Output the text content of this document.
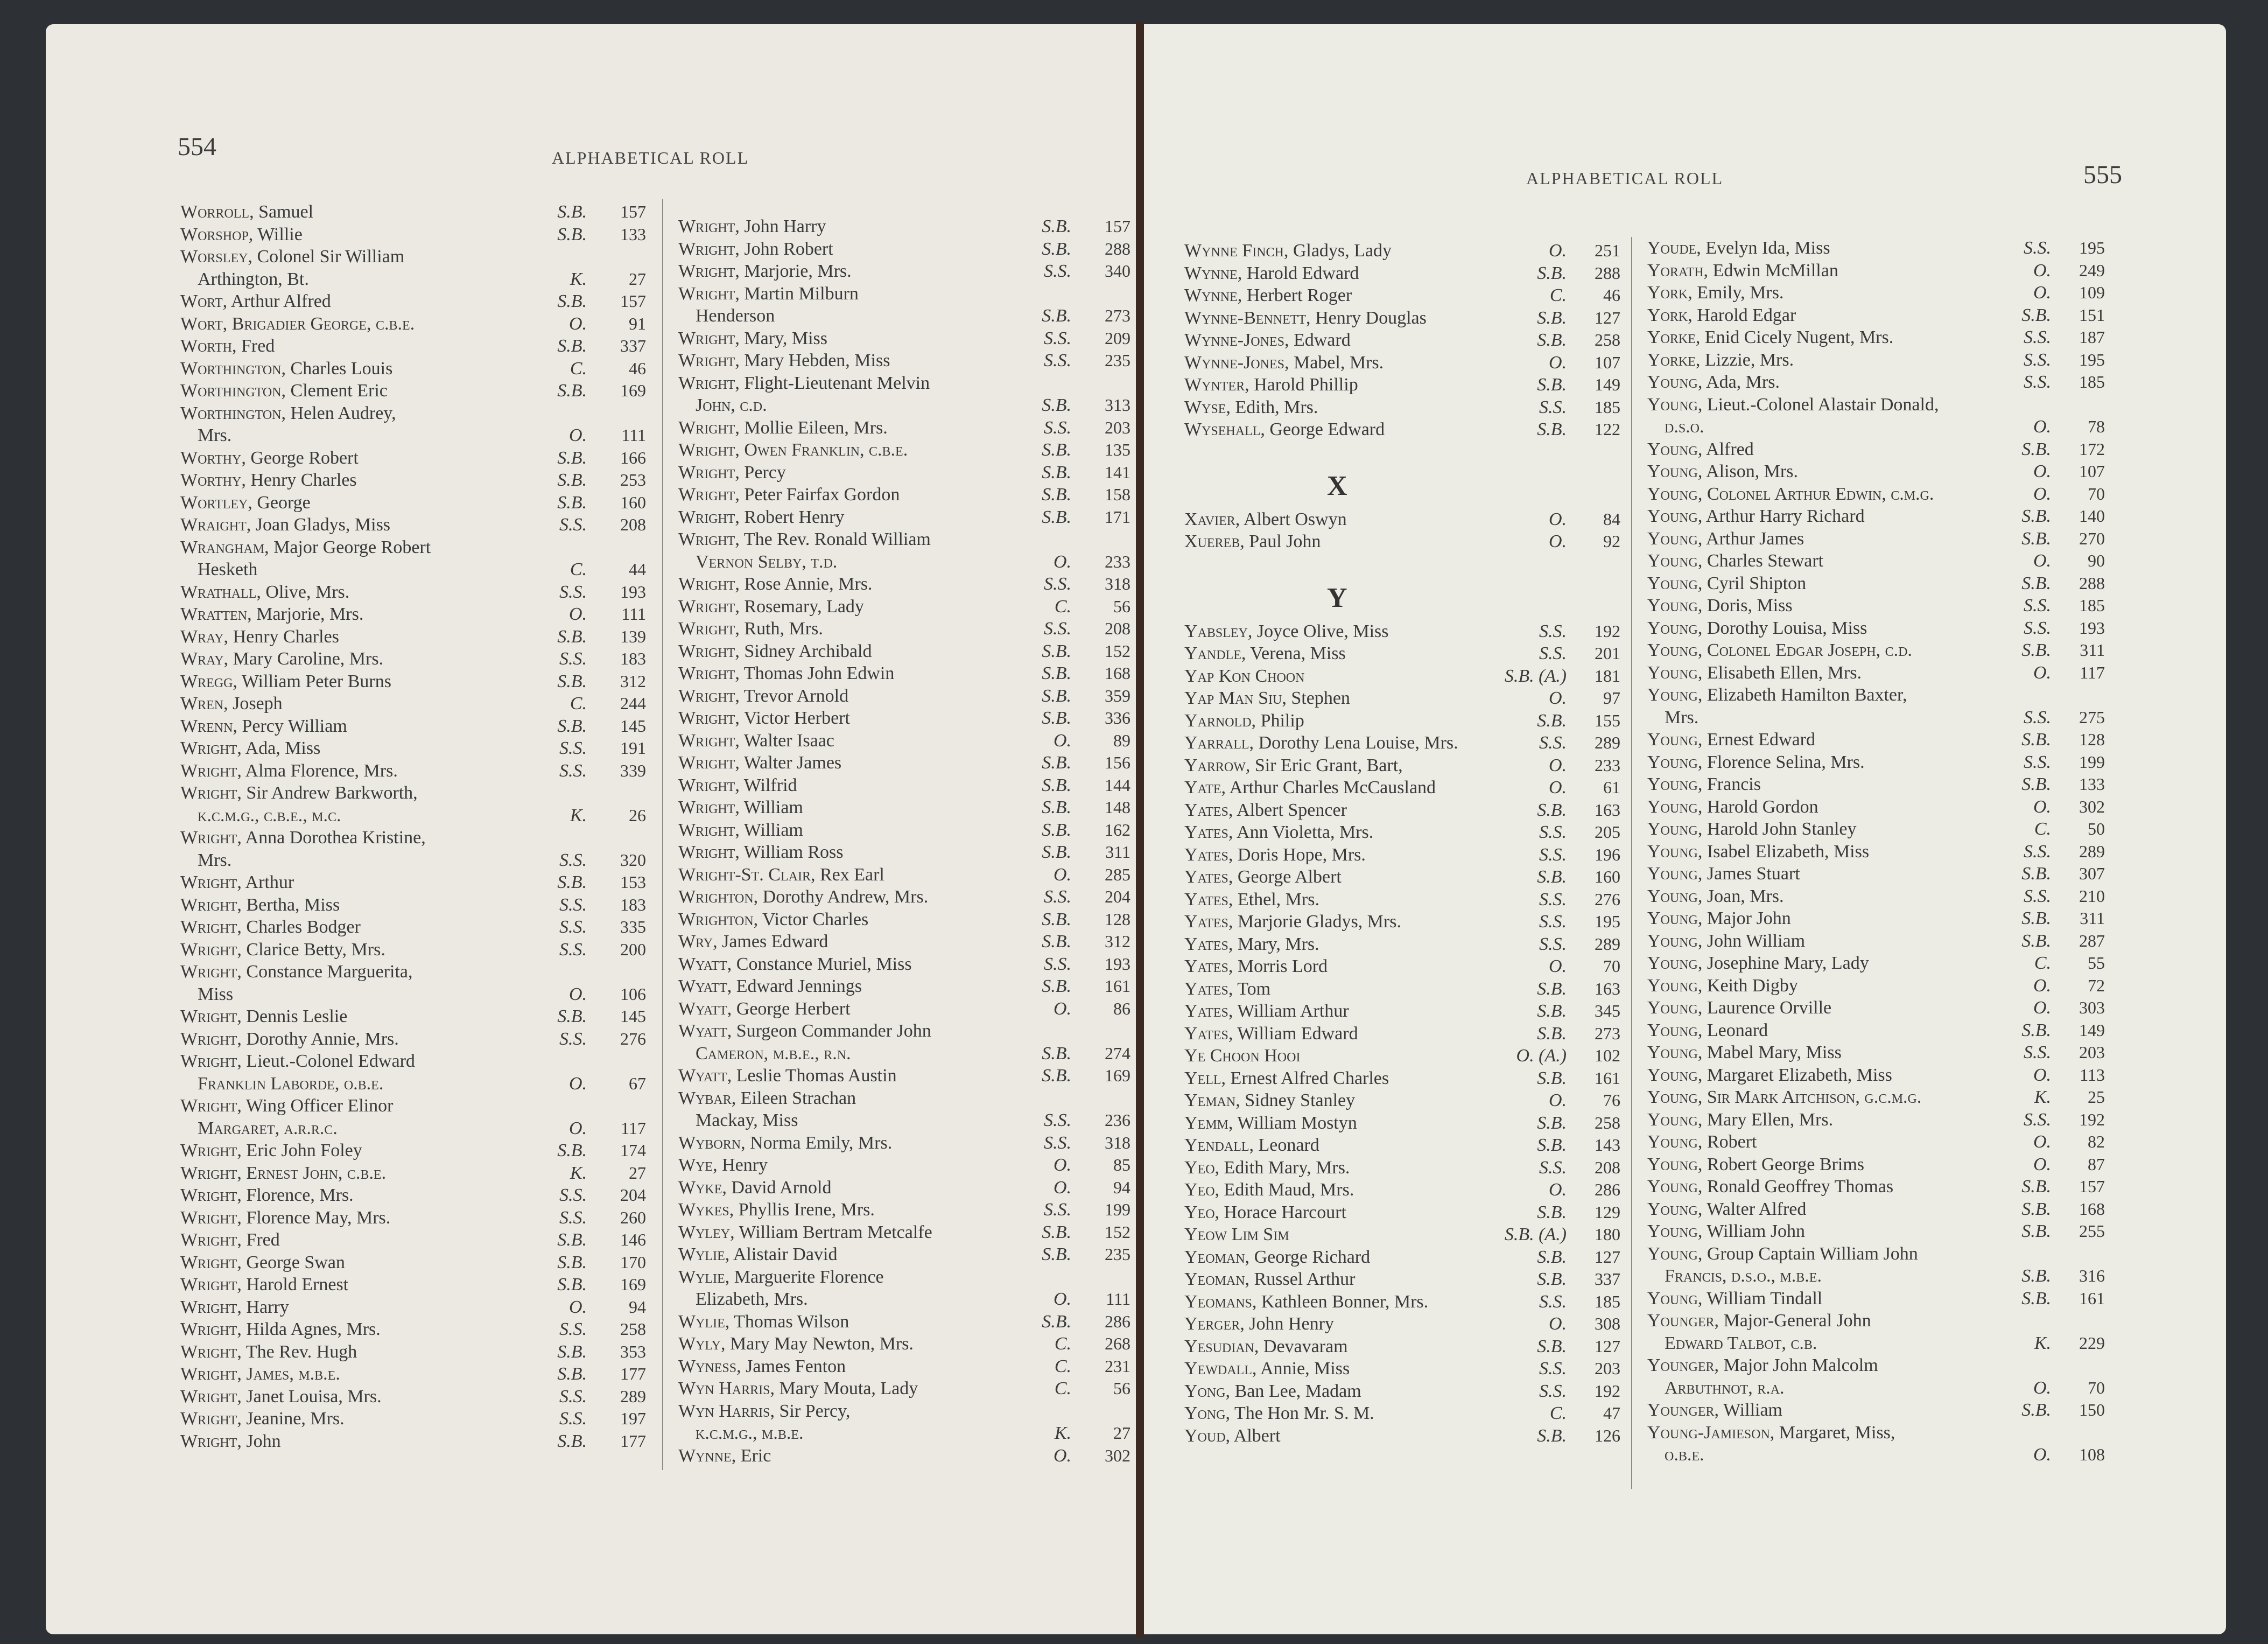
554	ALPHABETICAL ROLL
Worroll, Samuel	S.B.	157
Worshop, Willie	S.B.	133
Worsley, Colonel Sir William
Arthington, Bt.	K.	27
Wort, Arthur Alfred	S.B.	157
Wort, Brigadier George, c.b.e.	O.	91
Worth, Fred	S.B.	337
Worthington, Charles Louis	C.	46
Worthington, Clement Eric	S.B.	169
Worthington, Helen Audrey,
Mrs.	O.	111
Worthy, George Robert	S.B.	166
Worthy, Henry Charles	S.B.	253
Wortley, George	S.B.	160
Wraight, Joan Gladys, Miss	S.S.	208
Wrangham, Major George Robert
Hesketh	C.	44
Wrathall, Olive, Mrs.	S.S.	193
Wratten, Marjorie, Mrs.	O.	111
Wray, Henry Charles	S.B.	139
Wray, Mary Caroline, Mrs.	S.S.	183
Wregg, William Peter Burns	S.B.	312
Wren, Joseph	C.	244
Wrenn, Percy William	S.B.	145
Wright, Ada, Miss	S.S.	191
Wright, Alma Florence, Mrs.	S.S.	339
Wright, Sir Andrew Barkworth,
k.c.m.g., c.b.e., m.c.	K.	26
Wright, Anna Dorothea Kristine,
Mrs.	S.S.	320
Wright, Arthur	S.B.	153
Wright, Bertha, Miss	S.S.	183
Wright, Charles Bodger	S.S.	335
Wright, Clarice Betty, Mrs.	S.S.	200
Wright, Constance Marguerita,
Miss	O.	106
Wright, Dennis Leslie	S.B.	145
Wright, Dorothy Annie, Mrs.	S.S.	276
Wright, Lieut.-Colonel Edward
Franklin Laborde, o.b.e.	O.	67
Wright, Wing Officer Elinor
Margaret, a.r.r.c.	O.	117
Wright, Eric John Foley	S.B.	174
Wright, Ernest John, c.b.e.	K.	27
Wright, Florence, Mrs.	S.S.	204
Wright, Florence May, Mrs.	S.S.	260
Wright, Fred	S.B.	146
Wright, George Swan	S.B.	170
Wright, Harold Ernest	S.B.	169
Wright, Harry	O.	94
Wright, Hilda Agnes, Mrs.	S.S.	258
Wright, The Rev. Hugh	S.B.	353
Wright, James, m.b.e.	S.B.	177
Wright, Janet Louisa, Mrs.	S.S.	289
Wright, Jeanine, Mrs.	S.S.	197
Wright, John	S.B.	177
Wright, John Harry	S.B.	157
Wright, John Robert	S.B.	288
Wright, Marjorie, Mrs.	S.S.	340
Wright, Martin Milburn
Henderson	S.B.	273
Wright, Mary, Miss	S.S.	209
Wright, Mary Hebden, Miss	S.S.	235
Wright, Flight-Lieutenant Melvin
John, c.d.	S.B.	313
Wright, Mollie Eileen, Mrs.	S.S.	203
Wright, Owen Franklin, c.b.e.	S.B.	135
Wright, Percy	S.B.	141
Wright, Peter Fairfax Gordon	S.B.	158
Wright, Robert Henry	S.B.	171
Wright, The Rev. Ronald William
Vernon Selby, t.d.	O.	233
Wright, Rose Annie, Mrs.	S.S.	318
Wright, Rosemary, Lady	C.	56
Wright, Ruth, Mrs.	S.S.	208
Wright, Sidney Archibald	S.B.	152
Wright, Thomas John Edwin	S.B.	168
Wright, Trevor Arnold	S.B.	359
Wright, Victor Herbert	S.B.	336
Wright, Walter Isaac	O.	89
Wright, Walter James	S.B.	156
Wright, Wilfrid	S.B.	144
Wright, William	S.B.	148
Wright, William	S.B.	162
Wright, William Ross	S.B.	311
Wright-St. Clair, Rex Earl	O.	285
Wrighton, Dorothy Andrew, Mrs.	S.S.	204
Wrighton, Victor Charles	S.B.	128
Wry, James Edward	S.B.	312
Wyatt, Constance Muriel, Miss	S.S.	193
Wyatt, Edward Jennings	S.B.	161
Wyatt, George Herbert	O.	86
Wyatt, Surgeon Commander John
Cameron, m.b.e., r.n.	S.B.	274
Wyatt, Leslie Thomas Austin	S.B.	169
Wybar, Eileen Strachan
Mackay, Miss	S.S.	236
Wyborn, Norma Emily, Mrs.	S.S.	318
Wye, Henry	O.	85
Wyke, David Arnold	O.	94
Wykes, Phyllis Irene, Mrs.	S.S.	199
Wyley, William Bertram Metcalfe	S.B.	152
Wylie, Alistair David	S.B.	235
Wylie, Marguerite Florence
Elizabeth, Mrs.	O.	111
Wylie, Thomas Wilson	S.B.	286
Wyly, Mary May Newton, Mrs.	C.	268
Wyness, James Fenton	C.	231
Wyn Harris, Mary Mouta, Lady	C.	56
Wyn Harris, Sir Percy,
k.c.m.g., m.b.e.	K.	27
Wynne, Eric	O.	302
ALPHABETICAL ROLL	555
Wynne Finch, Gladys, Lady	O.	251
Wynne, Harold Edward	S.B.	288
Wynne, Herbert Roger	C.	46
Wynne-Bennett, Henry Douglas	S.B.	127
Wynne-Jones, Edward	S.B.	258
Wynne-Jones, Mabel, Mrs.	O.	107
Wynter, Harold Phillip	S.B.	149
Wyse, Edith, Mrs.	S.S.	185
Wysehall, George Edward	S.B.	122
X
Xavier, Albert Oswyn	O.	84
Xuereb, Paul John	O.	92
Y
Yabsley, Joyce Olive, Miss	S.S.	192
Yandle, Verena, Miss	S.S.	201
Yap Kon Choon	S.B. (A.)	181
Yap Man Siu, Stephen	O.	97
Yarnold, Philip	S.B.	155
Yarrall, Dorothy Lena Louise, Mrs.	S.S.	289
Yarrow, Sir Eric Grant, Bart,	O.	233
Yate, Arthur Charles McCausland	O.	61
Yates, Albert Spencer	S.B.	163
Yates, Ann Violetta, Mrs.	S.S.	205
Yates, Doris Hope, Mrs.	S.S.	196
Yates, George Albert	S.B.	160
Yates, Ethel, Mrs.	S.S.	276
Yates, Marjorie Gladys, Mrs.	S.S.	195
Yates, Mary, Mrs.	S.S.	289
Yates, Morris Lord	O.	70
Yates, Tom	S.B.	163
Yates, William Arthur	S.B.	345
Yates, William Edward	S.B.	273
Ye Choon Hooi	O. (A.)	102
Yell, Ernest Alfred Charles	S.B.	161
Yeman, Sidney Stanley	O.	76
Yemm, William Mostyn	S.B.	258
Yendall, Leonard	S.B.	143
Yeo, Edith Mary, Mrs.	S.S.	208
Yeo, Edith Maud, Mrs.	O.	286
Yeo, Horace Harcourt	S.B.	129
Yeow Lim Sim	S.B. (A.)	180
Yeoman, George Richard	S.B.	127
Yeoman, Russel Arthur	S.B.	337
Yeomans, Kathleen Bonner, Mrs.	S.S.	185
Yerger, John Henry	O.	308
Yesudian, Devavaram	S.B.	127
Yewdall, Annie, Miss	S.S.	203
Yong, Ban Lee, Madam	S.S.	192
Yong, The Hon Mr. S. M.	C.	47
Youd, Albert	S.B.	126
Youde, Evelyn Ida, Miss	S.S.	195
Yorath, Edwin McMillan	O.	249
York, Emily, Mrs.	O.	109
York, Harold Edgar	S.B.	151
Yorke, Enid Cicely Nugent, Mrs.	S.S.	187
Yorke, Lizzie, Mrs.	S.S.	195
Young, Ada, Mrs.	S.S.	185
Young, Lieut.-Colonel Alastair Donald,
d.s.o.	O.	78
Young, Alfred	S.B.	172
Young, Alison, Mrs.	O.	107
Young, Colonel Arthur Edwin, c.m.g.	O.	70
Young, Arthur Harry Richard	S.B.	140
Young, Arthur James	S.B.	270
Young, Charles Stewart	O.	90
Young, Cyril Shipton	S.B.	288
Young, Doris, Miss	S.S.	185
Young, Dorothy Louisa, Miss	S.S.	193
Young, Colonel Edgar Joseph, c.d.	S.B.	311
Young, Elisabeth Ellen, Mrs.	O.	117
Young, Elizabeth Hamilton Baxter,
Mrs.	S.S.	275
Young, Ernest Edward	S.B.	128
Young, Florence Selina, Mrs.	S.S.	199
Young, Francis	S.B.	133
Young, Harold Gordon	O.	302
Young, Harold John Stanley	C.	50
Young, Isabel Elizabeth, Miss	S.S.	289
Young, James Stuart	S.B.	307
Young, Joan, Mrs.	S.S.	210
Young, Major John	S.B.	311
Young, John William	S.B.	287
Young, Josephine Mary, Lady	C.	55
Young, Keith Digby	O.	72
Young, Laurence Orville	O.	303
Young, Leonard	S.B.	149
Young, Mabel Mary, Miss	S.S.	203
Young, Margaret Elizabeth, Miss	O.	113
Young, Sir Mark Aitchison, g.c.m.g.	K.	25
Young, Mary Ellen, Mrs.	S.S.	192
Young, Robert	O.	82
Young, Robert George Brims	O.	87
Young, Ronald Geoffrey Thomas	S.B.	157
Young, Walter Alfred	S.B.	168
Young, William John	S.B.	255
Young, Group Captain William John
Francis, d.s.o., m.b.e.	S.B.	316
Young, William Tindall	S.B.	161
Younger, Major-General John
Edward Talbot, c.b.	K.	229
Younger, Major John Malcolm
Arbuthnot, r.a.	O.	70
Younger, William	S.B.	150
Young-Jamieson, Margaret, Miss,
o.b.e.	O.	108
